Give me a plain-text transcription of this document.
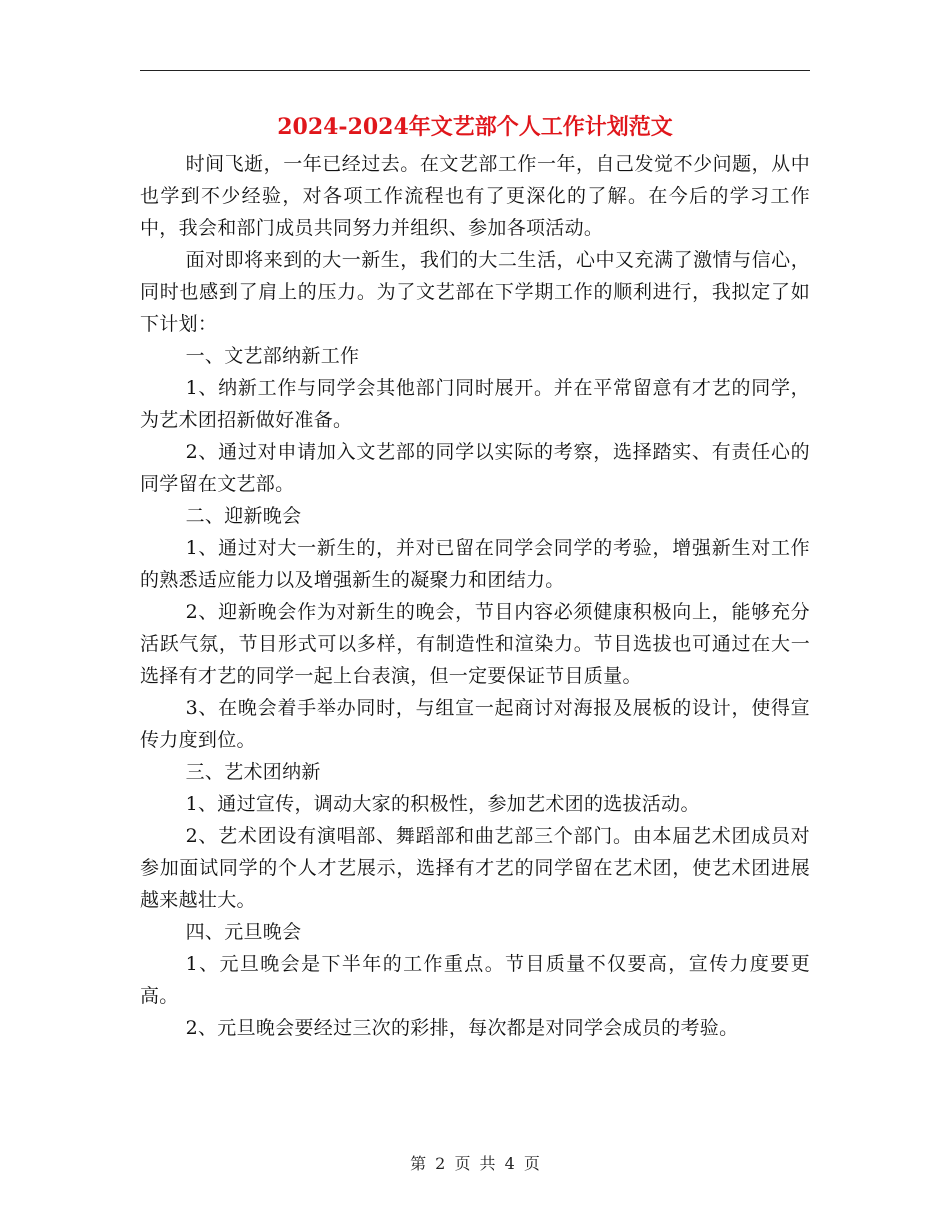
2024-2024年文艺部个人工作计划范文

时间飞逝，一年已经过去。在文艺部工作一年，自己发觉不少问题，从中也学到不少经验，对各项工作流程也有了更深化的了解。在今后的学习工作中，我会和部门成员共同努力并组织、参加各项活动。

面对即将来到的大一新生，我们的大二生活，心中又充满了激情与信心，同时也感到了肩上的压力。为了文艺部在下学期工作的顺利进行，我拟定了如下计划：

一、文艺部纳新工作

1、纳新工作与同学会其他部门同时展开。并在平常留意有才艺的同学，为艺术团招新做好准备。

2、通过对申请加入文艺部的同学以实际的考察，选择踏实、有责任心的同学留在文艺部。

二、迎新晚会

1、通过对大一新生的，并对已留在同学会同学的考验，增强新生对工作的熟悉适应能力以及增强新生的凝聚力和团结力。

2、迎新晚会作为对新生的晚会，节目内容必须健康积极向上，能够充分活跃气氛，节目形式可以多样，有制造性和渲染力。节目选拔也可通过在大一选择有才艺的同学一起上台表演，但一定要保证节目质量。

3、在晚会着手举办同时，与组宣一起商讨对海报及展板的设计，使得宣传力度到位。

三、艺术团纳新

1、通过宣传，调动大家的积极性，参加艺术团的选拔活动。

2、艺术团设有演唱部、舞蹈部和曲艺部三个部门。由本届艺术团成员对参加面试同学的个人才艺展示，选择有才艺的同学留在艺术团，使艺术团进展越来越壮大。

四、元旦晚会

1、元旦晚会是下半年的工作重点。节目质量不仅要高，宣传力度要更高。

2、元旦晚会要经过三次的彩排，每次都是对同学会成员的考验。

第 2 页 共 4 页
